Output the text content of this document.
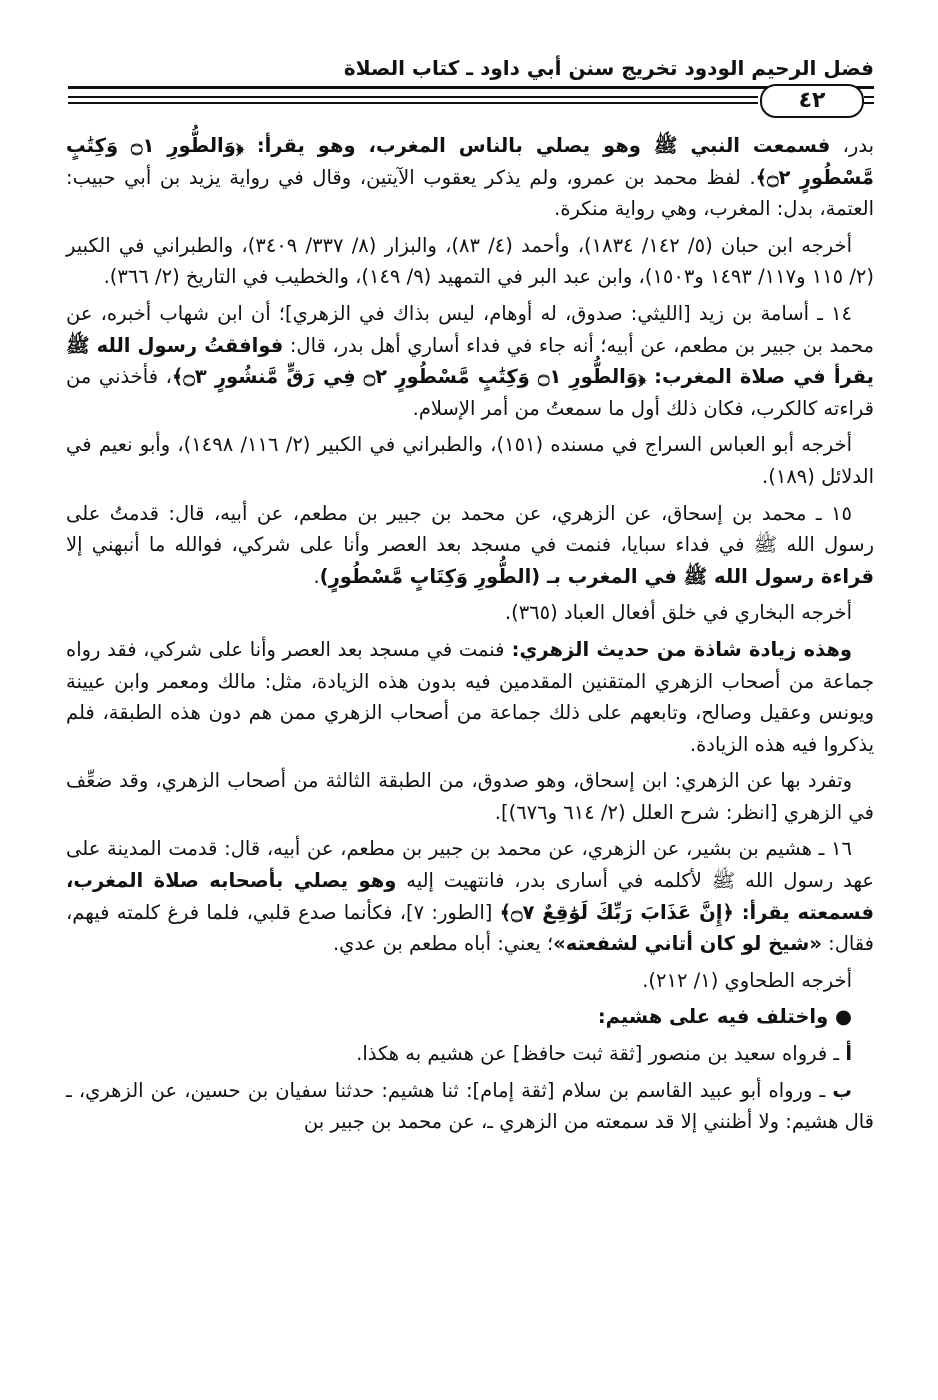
فضل الرحيم الودود تخريج سنن أبي داود ـ كتاب الصلاة
٤٢

بدر، فسمعت النبي ﷺ وهو يصلي بالناس المغرب، وهو يقرأ: ﴿وَالطُّورِ ۝١ وَكِتَٰبٍ مَّسْطُورٍ ۝٢﴾. لفظ محمد بن عمرو، ولم يذكر يعقوب الآيتين، وقال في رواية يزيد بن أبي حبيب: العتمة، بدل: المغرب، وهي رواية منكرة.

أخرجه ابن حبان (٥/ ١٤٢/ ١٨٣٤)، وأحمد (٤/ ٨٣)، والبزار (٨/ ٣٣٧/ ٣٤٠٩)، والطبراني في الكبير (٢/ ١١٥ و١١٧/ ١٤٩٣ و١٥٠٣)، وابن عبد البر في التمهيد (٩/ ١٤٩)، والخطيب في التاريخ (٢/ ٣٦٦).

١٤ ـ أسامة بن زيد [الليثي: صدوق، له أوهام، ليس بذاك في الزهري]؛ أن ابن شهاب أخبره، عن محمد بن جبير بن مطعم، عن أبيه؛ أنه جاء في فداء أساري أهل بدر، قال: فوافقتُ رسول الله ﷺ يقرأ في صلاة المغرب: ﴿وَالطُّورِ ۝١ وَكِتَٰبٍ مَّسْطُورٍ ۝٢ فِي رَقٍّ مَّنشُورٍ ۝٣﴾، فأخذني من قراءته كالكرب، فكان ذلك أول ما سمعتُ من أمر الإسلام.

أخرجه أبو العباس السراج في مسنده (١٥١)، والطبراني في الكبير (٢/ ١١٦/ ١٤٩٨)، وأبو نعيم في الدلائل (١٨٩).

١٥ ـ محمد بن إسحاق، عن الزهري، عن محمد بن جبير بن مطعم، عن أبيه، قال: قدمتُ على رسول الله ﷺ في فداء سبايا، فنمت في مسجد بعد العصر وأنا على شركي، فوالله ما أنبهني إلا قراءة رسول الله ﷺ في المغرب بـ (الطُّورِ وَكِتَابٍ مَّسْطُورٍ).

أخرجه البخاري في خلق أفعال العباد (٣٦٥).

وهذه زيادة شاذة من حديث الزهري: فنمت في مسجد بعد العصر وأنا على شركي، فقد رواه جماعة من أصحاب الزهري المتقنين المقدمين فيه بدون هذه الزيادة، مثل: مالك ومعمر وابن عيينة ويونس وعقيل وصالح، وتابعهم على ذلك جماعة من أصحاب الزهري ممن هم دون هذه الطبقة، فلم يذكروا فيه هذه الزيادة.

وتفرد بها عن الزهري: ابن إسحاق، وهو صدوق، من الطبقة الثالثة من أصحاب الزهري، وقد ضعِّف في الزهري [انظر: شرح العلل (٢/ ٦١٤ و٦٧٦)].

١٦ ـ هشيم بن بشير، عن الزهري، عن محمد بن جبير بن مطعم، عن أبيه، قال: قدمت المدينة على عهد رسول الله ﷺ لأكلمه في أسارى بدر، فانتهيت إليه وهو يصلي بأصحابه صلاة المغرب، فسمعته يقرأ: ﴿إِنَّ عَذَابَ رَبِّكَ لَوَٰقِعٌ ۝٧﴾ [الطور: ٧]، فكأنما صدع قلبي، فلما فرغ كلمته فيهم، فقال: «شيخ لو كان أتاني لشفعته»؛ يعني: أباه مطعم بن عدي.

أخرجه الطحاوي (١/ ٢١٢).

● واختلف فيه على هشيم:

أ ـ فرواه سعيد بن منصور [ثقة ثبت حافظ] عن هشيم به هكذا.

ب ـ ورواه أبو عبيد القاسم بن سلام [ثقة إمام]: ثنا هشيم: حدثنا سفيان بن حسين، عن الزهري، ـ قال هشيم: ولا أظنني إلا قد سمعته من الزهري ـ، عن محمد بن جبير بن
